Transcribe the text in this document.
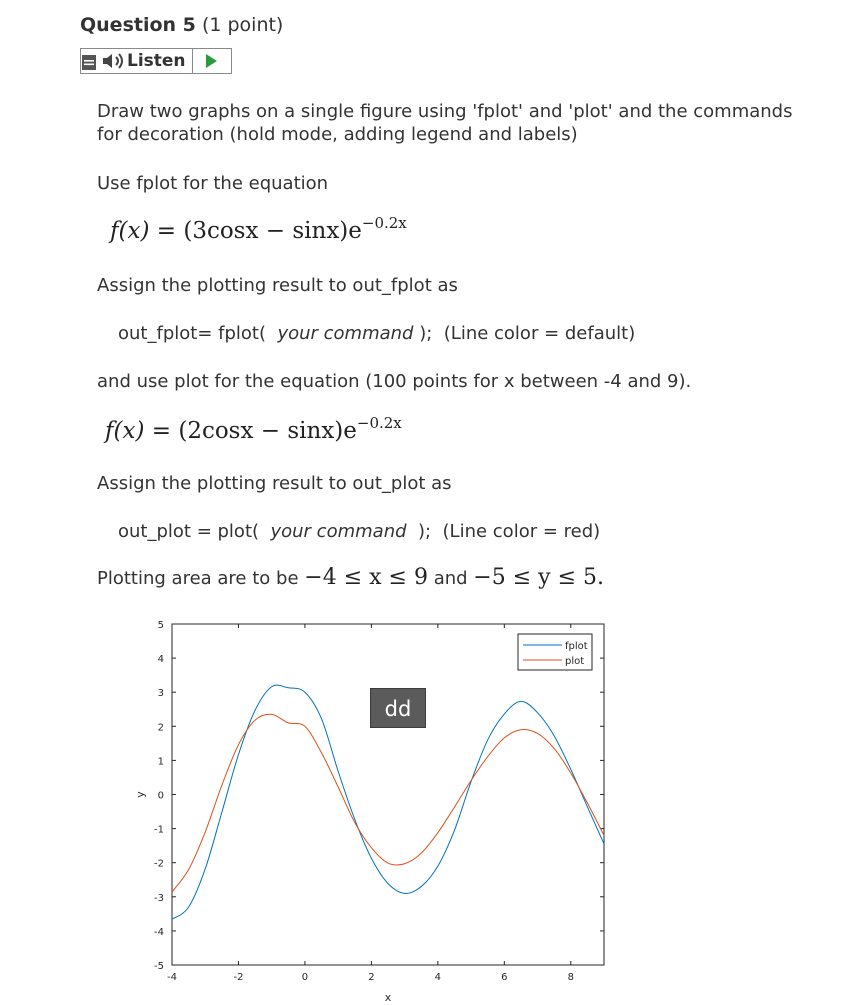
Question 5 (1 point)
Listen
Draw two graphs on a single figure using 'fplot' and 'plot' and the commands for decoration (hold mode, adding legend and labels)
Use fplot for the equation
$f(x) = (3\cos x - \sin x)e^{-0.2x}$
Assign the plotting result to out_fplot as
out_fplot= fplot( your command ); (Line color = default)
and use plot for the equation (100 points for x between -4 and 9).
$f(x) = (2\cos x - \sin x)e^{-0.2x}$
Assign the plotting result to out_plot as
out_plot = plot( your command ); (Line color = red)
Plotting area are to be −4 ≤ x ≤ 9 and −5 ≤ y ≤ 5.
-4	-2	0	2	4	6	8
5
4
3
2
1
0
-1
-2
-3
-4
-5
x
y
fplot
plot
dd
